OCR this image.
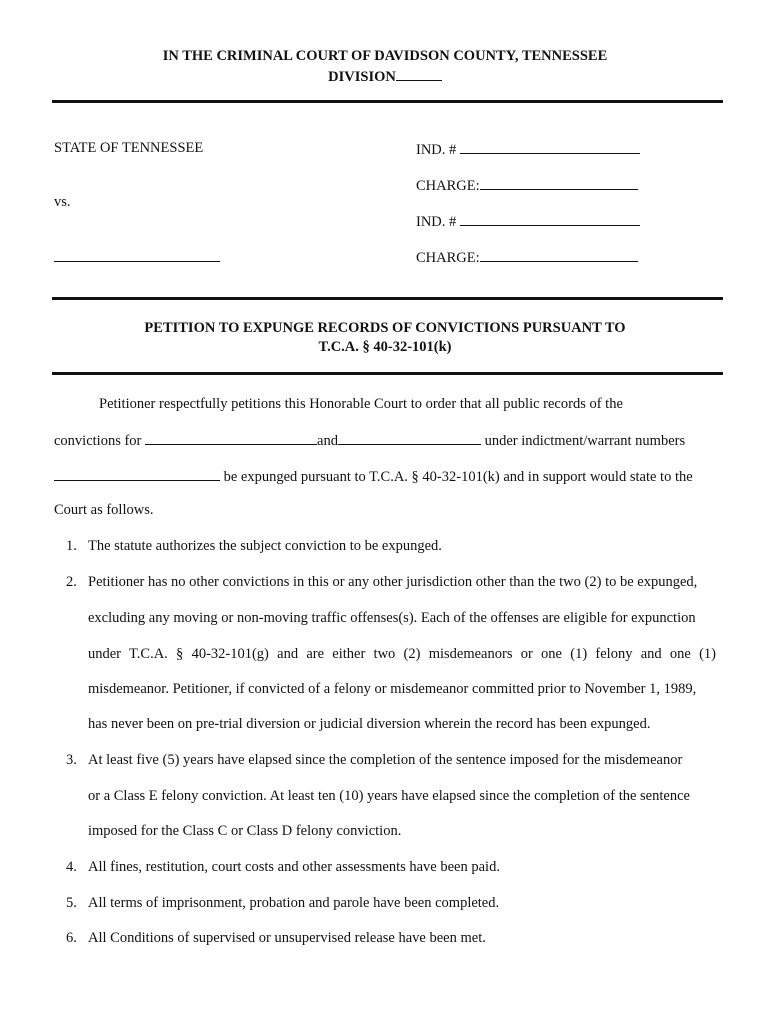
IN THE CRIMINAL COURT OF DAVIDSON COUNTY, TENNESSEE
DIVISION
STATE OF TENNESSEE
vs.
IND. #
CHARGE:
IND. #
CHARGE:
PETITION TO EXPUNGE RECORDS OF CONVICTIONS PURSUANT TO
T.C.A. § 40-32-101(k)
Petitioner respectfully petitions this Honorable Court to order that all public records of the
convictions for	and	under indictment/warrant numbers
be expunged pursuant to T.C.A. § 40-32-101(k) and in support would state to the
Court as follows.
1. The statute authorizes the subject conviction to be expunged.
2. Petitioner has no other convictions in this or any other jurisdiction other than the two (2) to be expunged,
excluding any moving or non-moving traffic offenses(s). Each of the offenses are eligible for expunction
under T.C.A. § 40-32-101(g) and are either two (2) misdemeanors or one (1) felony and one (1)
misdemeanor. Petitioner, if convicted of a felony or misdemeanor committed prior to November 1, 1989,
has never been on pre-trial diversion or judicial diversion wherein the record has been expunged.
3. At least five (5) years have elapsed since the completion of the sentence imposed for the misdemeanor
or a Class E felony conviction. At least ten (10) years have elapsed since the completion of the sentence
imposed for the Class C or Class D felony conviction.
4. All fines, restitution, court costs and other assessments have been paid.
5. All terms of imprisonment, probation and parole have been completed.
6. All Conditions of supervised or unsupervised release have been met.
